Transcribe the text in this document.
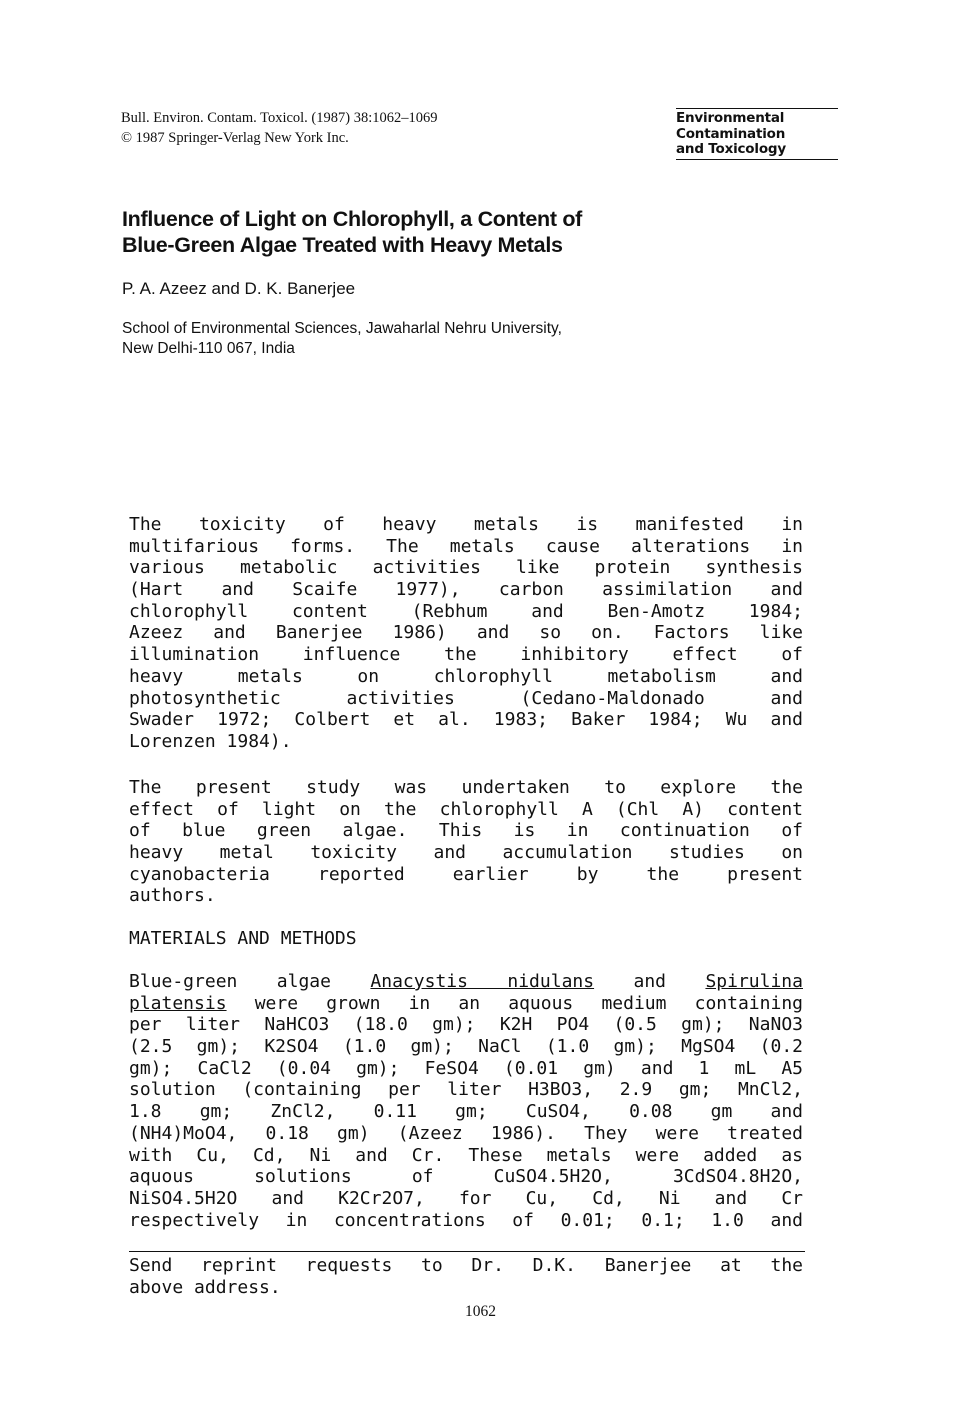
Bull. Environ. Contam. Toxicol. (1987) 38:1062–1069
© 1987 Springer-Verlag New York Inc.
Environmental
Contamination
and Toxicology
Influence of Light on Chlorophyll, a Content of
Blue-Green Algae Treated with Heavy Metals
P. A. Azeez and D. K. Banerjee
School of Environmental Sciences, Jawaharlal Nehru University,
New Delhi-110 067, India
The toxicity of heavy metals is manifested in
multifarious forms. The metals cause alterations in
various metabolic activities like protein synthesis
(Hart and Scaife 1977), carbon assimilation and
chlorophyll content (Rebhum and Ben-Amotz 1984;
Azeez and Banerjee 1986) and so on. Factors like
illumination influence the inhibitory effect of
heavy metals on chlorophyll metabolism and
photosynthetic activities (Cedano-Maldonado and
Swader 1972; Colbert et al. 1983; Baker 1984; Wu and
Lorenzen 1984).
The present study was undertaken to explore the
effect of light on the chlorophyll A (Chl A) content
of blue green algae. This is in continuation of
heavy metal toxicity and accumulation studies on
cyanobacteria reported earlier by the present
authors.
MATERIALS AND METHODS
Blue-green algae Anacystis nidulans and Spirulina
platensis were grown in an aquous medium containing
per liter NaHCO3 (18.0 gm); K2H PO4 (0.5 gm); NaNO3
(2.5 gm); K2SO4 (1.0 gm); NaCl (1.0 gm); MgSO4 (0.2
gm); CaCl2 (0.04 gm); FeSO4 (0.01 gm) and 1 mL A5
solution (containing per liter H3BO3, 2.9 gm; MnCl2,
1.8 gm; ZnCl2, 0.11 gm; CuSO4, 0.08 gm and
(NH4)MoO4, 0.18 gm) (Azeez 1986). They were treated
with Cu, Cd, Ni and Cr. These metals were added as
aquous solutions of CuSO4.5H2O, 3CdSO4.8H2O,
NiSO4.5H2O and K2Cr2O7, for Cu, Cd, Ni and Cr
respectively in concentrations of 0.01; 0.1; 1.0 and
Send reprint requests to Dr. D.K. Banerjee at the
above address.
1062
